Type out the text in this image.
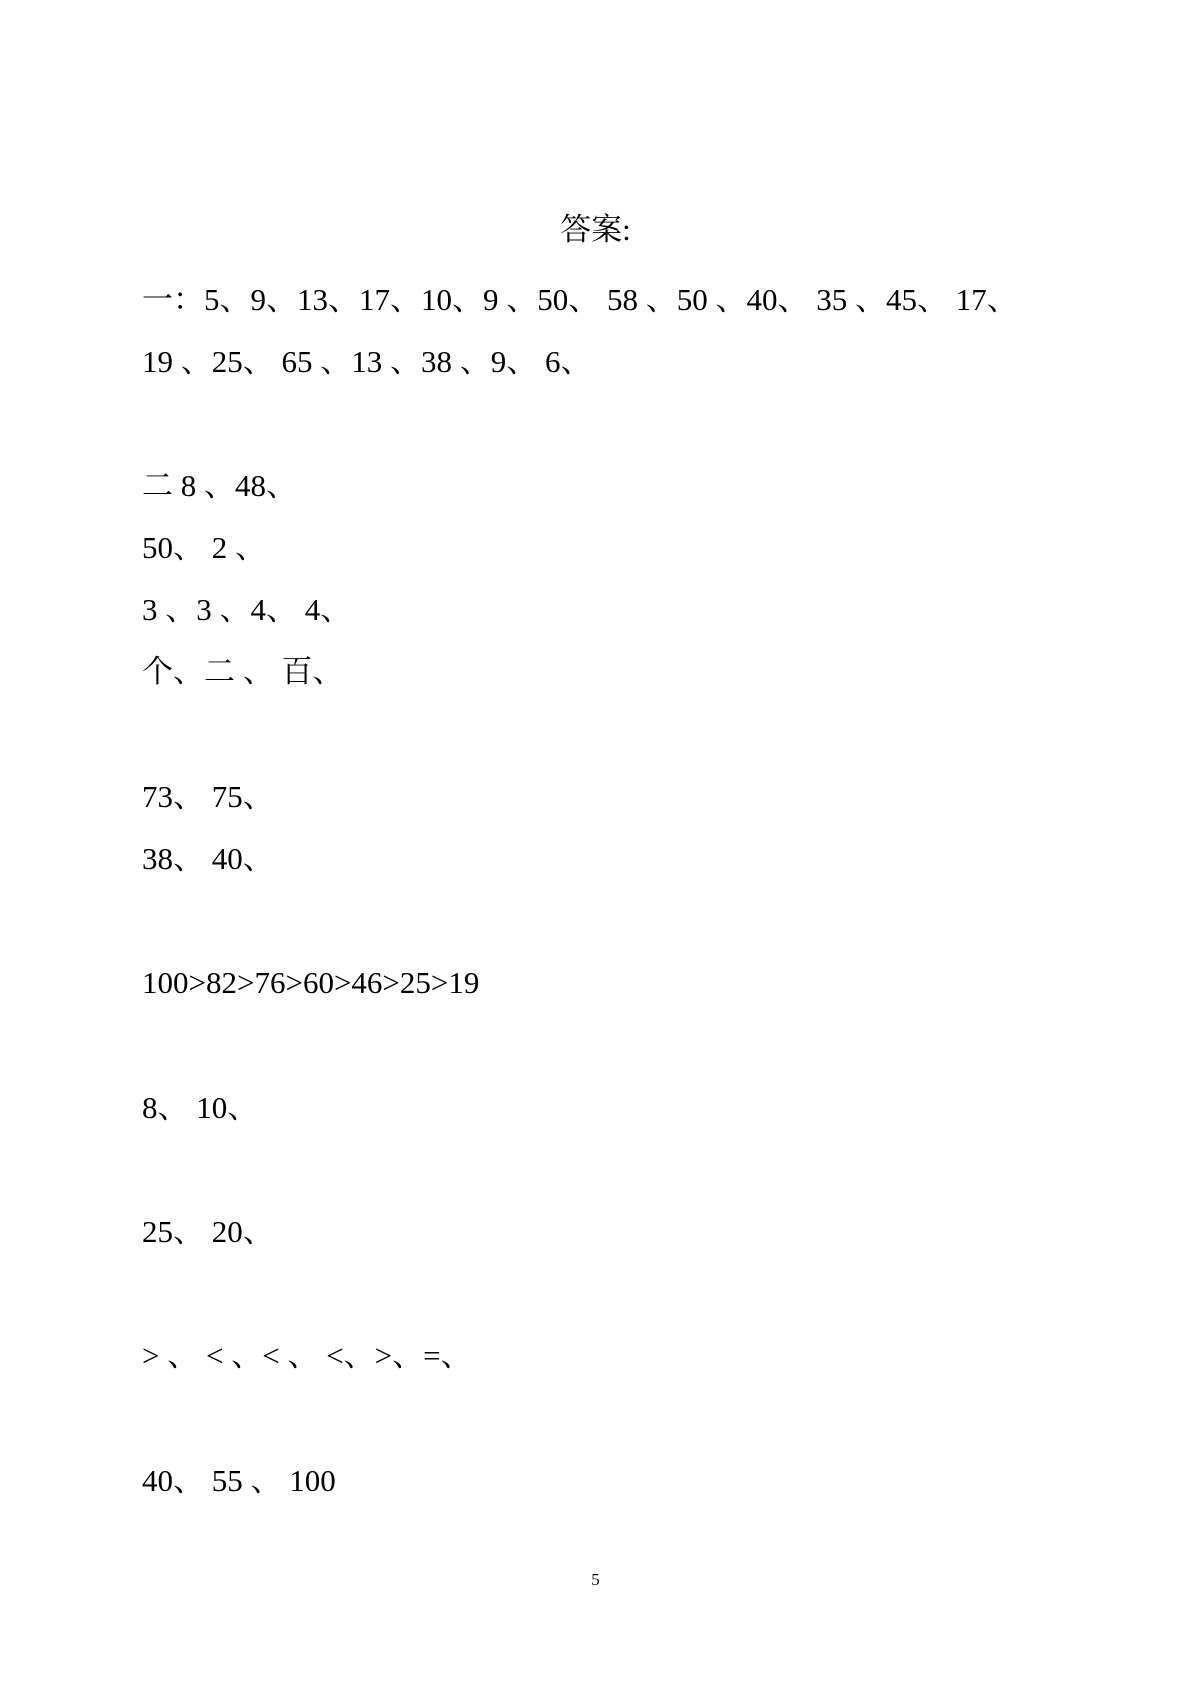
答案:
一：5、9、13、17、10、9 、50、 58 、50 、40、 35 、45、 17、
19 、25、 65 、13 、38 、9、 6、
二 8 、48、
50、 2 、
3 、3 、4、 4、
个、二 、 百、
73、 75、
38、 40、
100>82>76>60>46>25>19
8、 10、
25、 20、
> 、 < 、< 、 <、>、=、
40、 55 、 100
5
